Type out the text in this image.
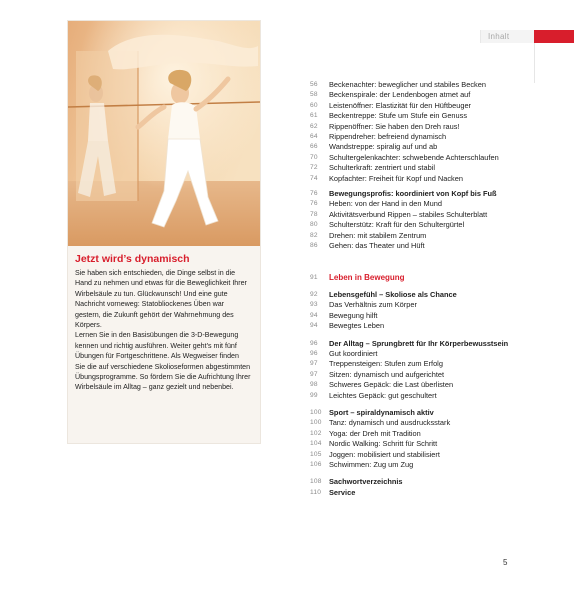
Inhalt
Jetzt wird’s dynamisch

Sie haben sich entschieden, die Dinge selbst in die Hand zu nehmen und etwas für die Beweglichkeit Ihrer Wirbelsäule zu tun. Glückwunsch! Und eine gute Nachricht vorneweg: Statobliockenes Üben war gestern, die Zukunft gehört der Wahrnehmung des Körpers.

Lernen Sie in den Basisübungen die 3-D-Bewegung kennen und richtig ausführen. Weiter geht’s mit fünf Übungen für Fortgeschrittene. Als Wegweiser finden Sie die auf verschiedene Skolioseformen abgestimmten Übungsprogramme. So fördern Sie die Aufrichtung Ihrer Wirbelsäule im Alltag – ganz gezielt und nebenbei.

56	Beckenachter: beweglicher und stabiles Becken
58	Beckenspirale: der Lendenbogen atmet auf
60	Leistenöffner: Elastizität für den Hüftbeuger
61	Beckentreppe: Stufe um Stufe ein Genuss
62	Rippenöffner: Sie haben den Dreh raus!
64	Rippendreher: befreiend dynamisch
66	Wandstreppe: spiralig auf und ab
70	Schultergelenkachter: schwebende Achterschlaufen
72	Schulterkraft: zentriert und stabil
74	Kopfachter: Freiheit für Kopf und Nacken
76	Bewegungsprofis: koordiniert von Kopf bis Fuß
76	Heben: von der Hand in den Mund
78	Aktivitätsverbund Rippen – stabiles Schulterblatt
80	Schulterstütz: Kraft für den Schultergürtel
82	Drehen: mit stabilem Zentrum
86	Gehen: das Theater und Hüft
91	Leben in Bewegung
92	Lebensgefühl – Skoliose als Chance
93	Das Verhältnis zum Körper
94	Bewegung hilft
94	Bewegtes Leben
96	Der Alltag – Sprungbrett für Ihr Körperbewusstsein
96	Gut koordiniert
97	Treppensteigen: Stufen zum Erfolg
97	Sitzen: dynamisch und aufgerichtet
98	Schweres Gepäck: die Last überlisten
99	Leichtes Gepäck: gut geschultert
100 Sport – spiraldynamisch aktiv
100 Tanz: dynamisch und ausdrucksstark
102 Yoga: der Dreh mit Tradition
104 Nordic Walking: Schritt für Schritt
105 Joggen: mobilisiert und stabilisiert
106 Schwimmen: Zug um Zug
108 Sachwortverzeichnis
110	Service
5
